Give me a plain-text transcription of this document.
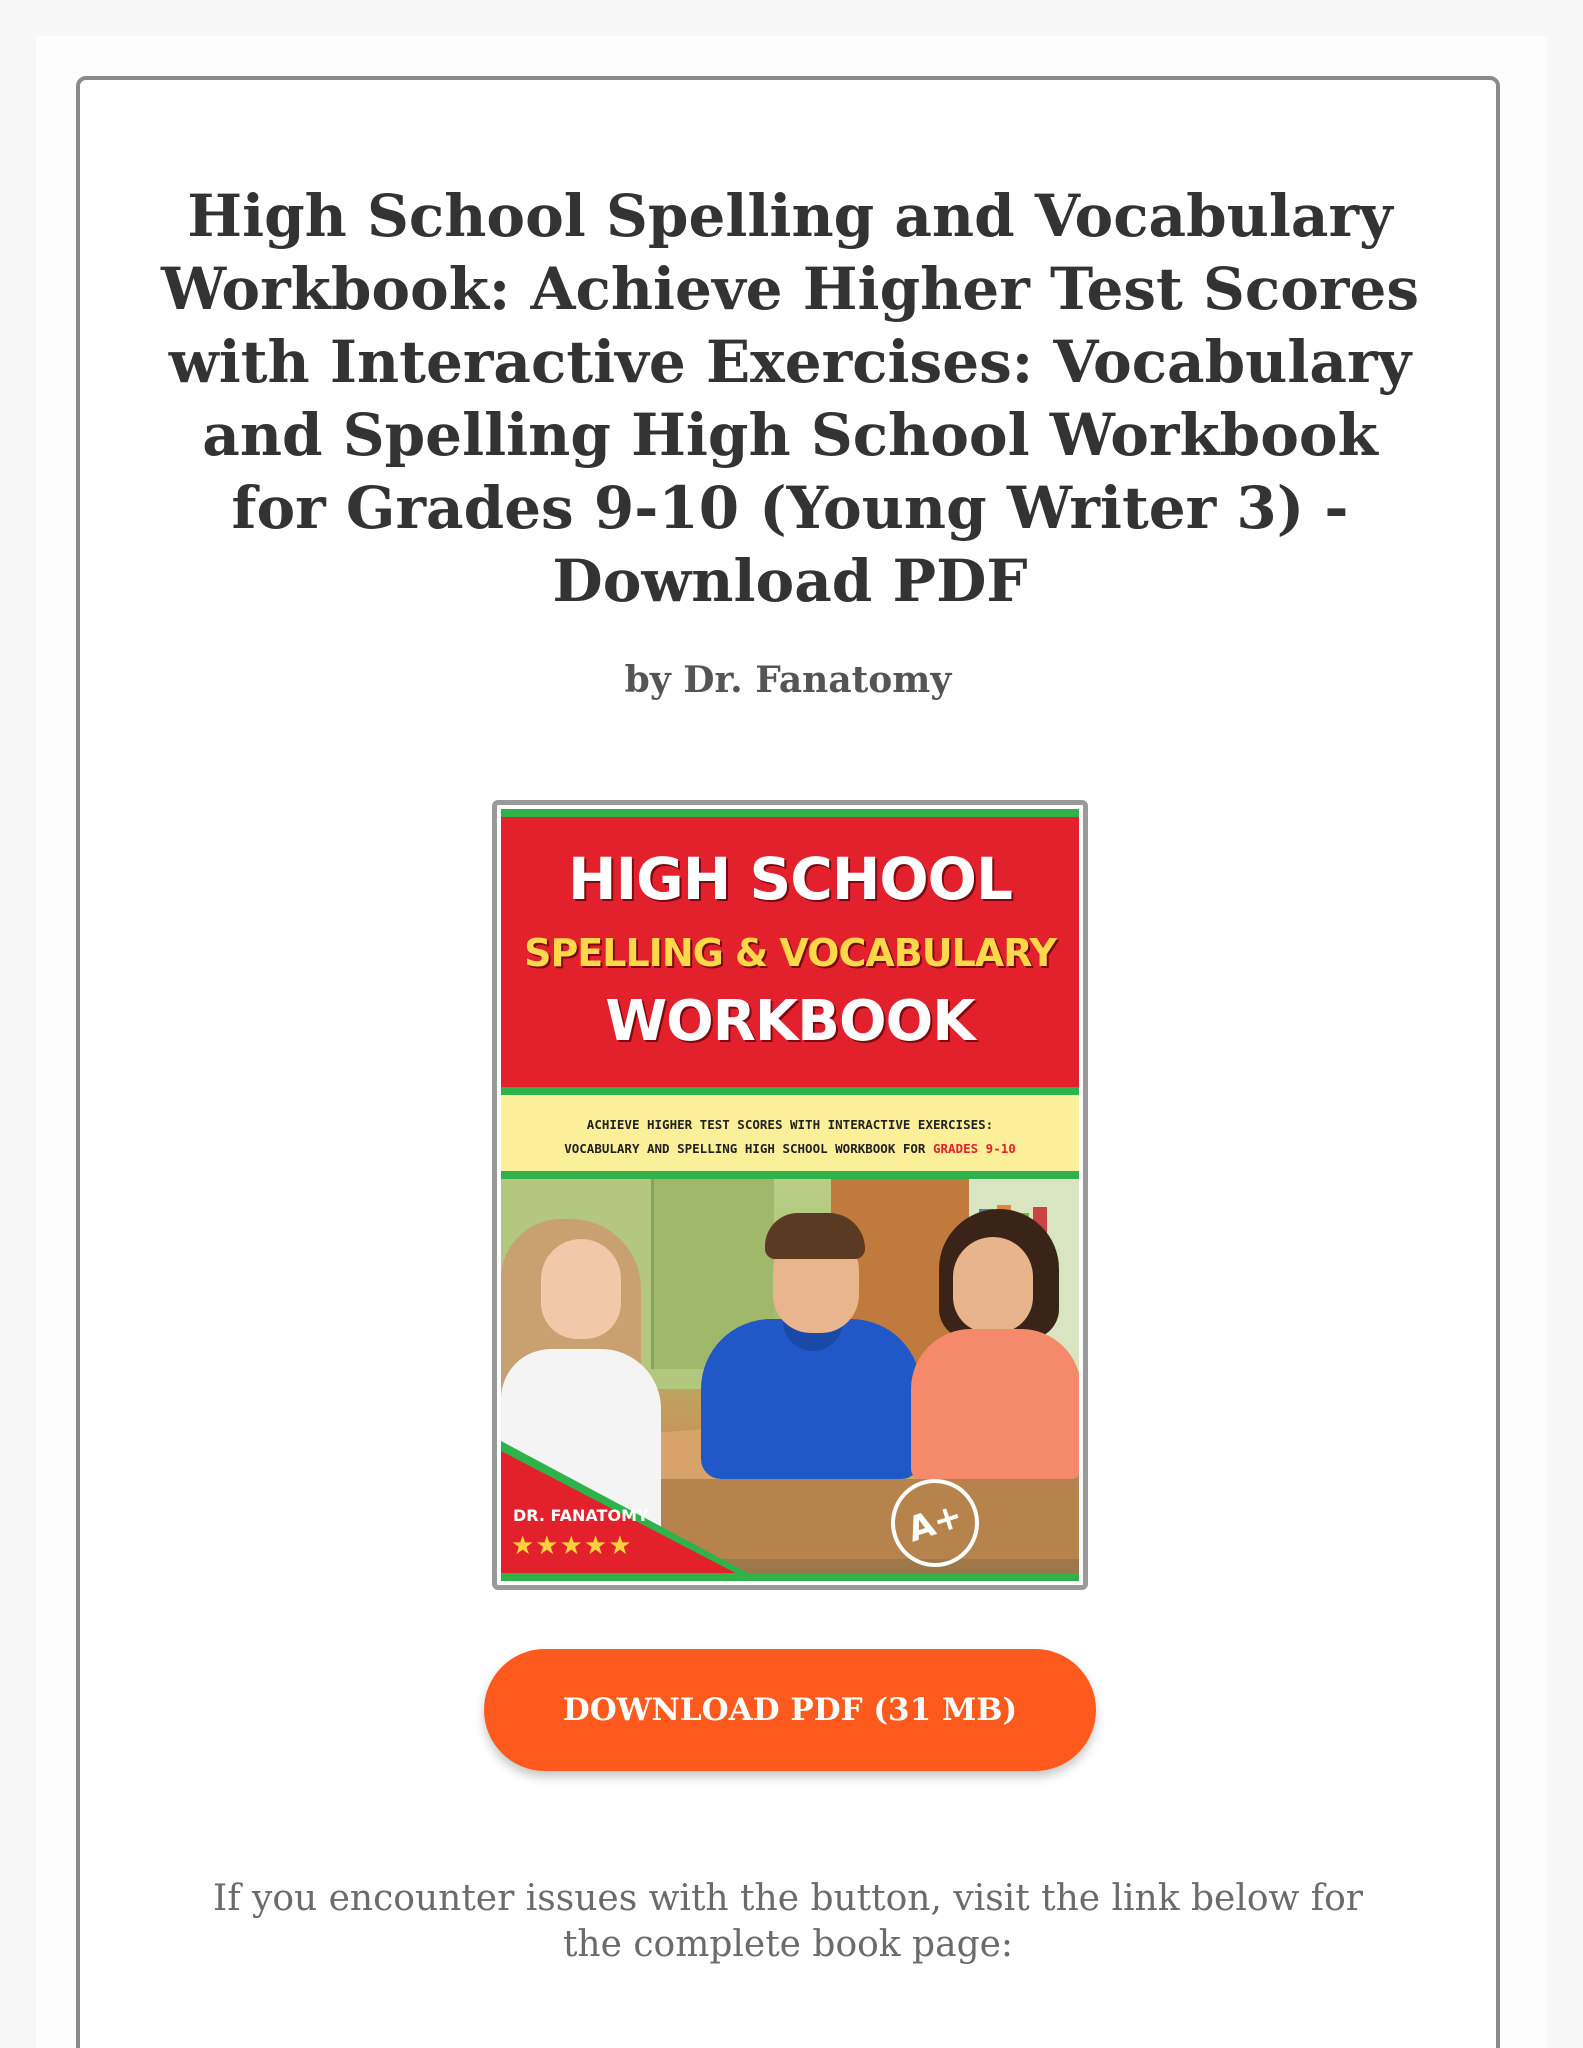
High School Spelling and Vocabulary Workbook: Achieve Higher Test Scores with Interactive Exercises: Vocabulary and Spelling High School Workbook for Grades 9-10 (Young Writer 3) - Download PDF
by Dr. Fanatomy
HIGH SCHOOL
SPELLING & VOCABULARY
WORKBOOK
ACHIEVE HIGHER TEST SCORES WITH INTERACTIVE EXERCISES:
VOCABULARY AND SPELLING HIGH SCHOOL WORKBOOK FOR GRADES 9-10
A+
DR. FANATOMY
★★★★★
DOWNLOAD PDF (31 MB)
If you encounter issues with the button, visit the link below for the complete book page:
